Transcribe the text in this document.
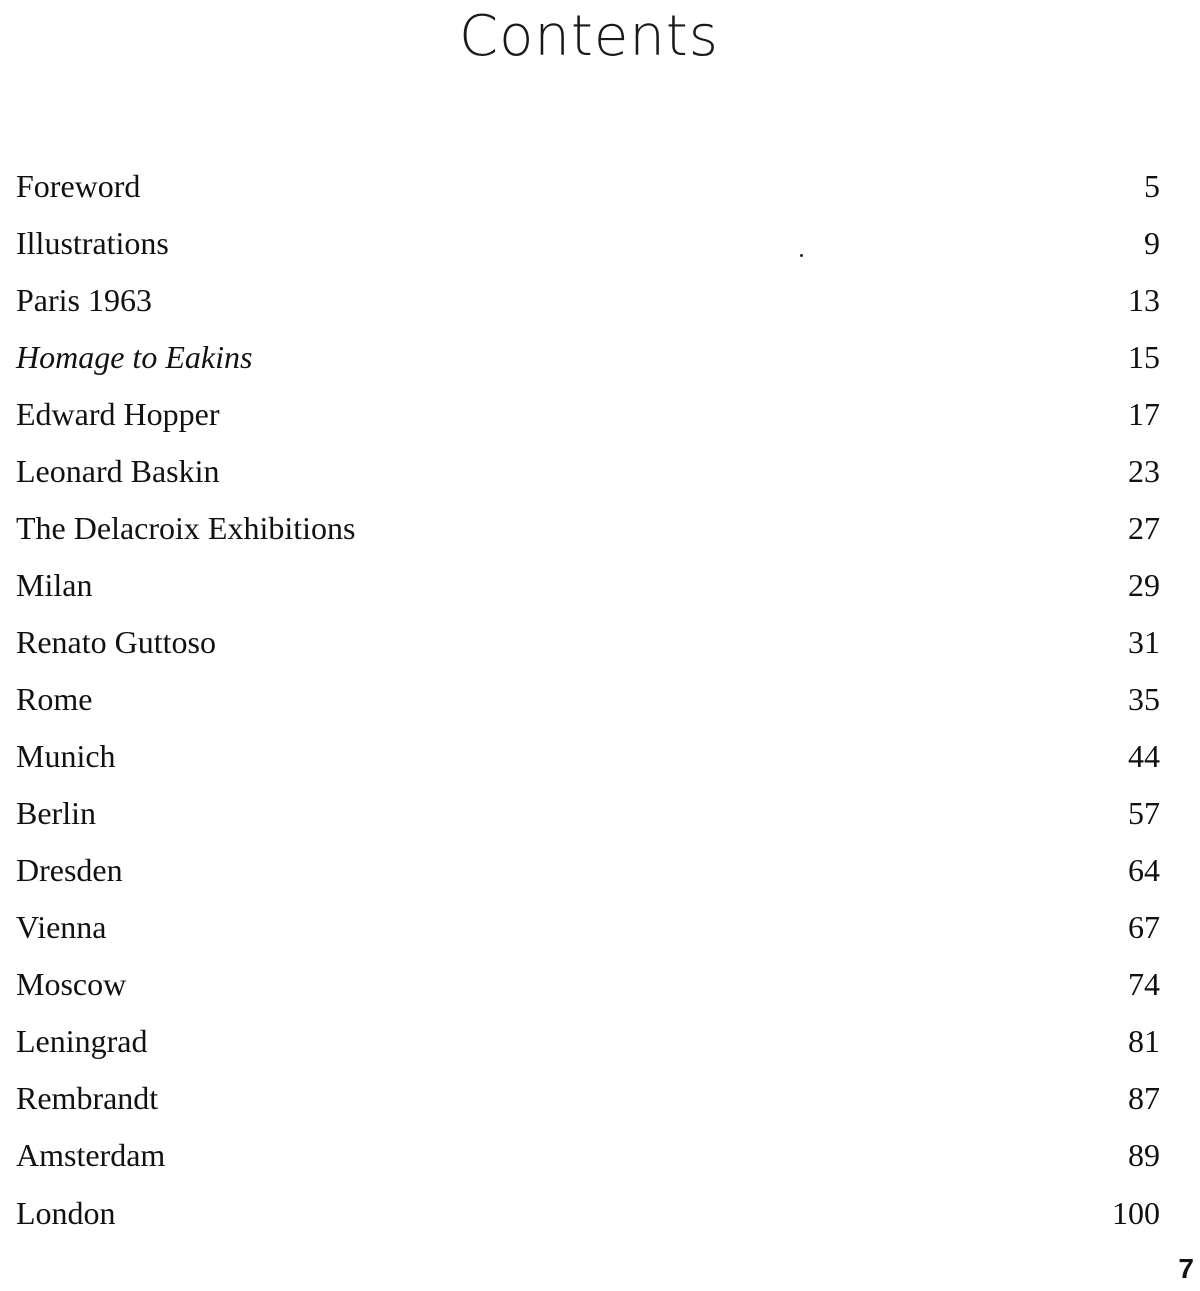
Contents
Foreword	5
Illustrations	9
Paris 1963	13
Homage to Eakins	15
Edward Hopper	17
Leonard Baskin	23
The Delacroix Exhibitions	27
Milan	29
Renato Guttoso	31
Rome	35
Munich	44
Berlin	57
Dresden	64
Vienna	67
Moscow	74
Leningrad	81
Rembrandt	87
Amsterdam	89
London	100
7
